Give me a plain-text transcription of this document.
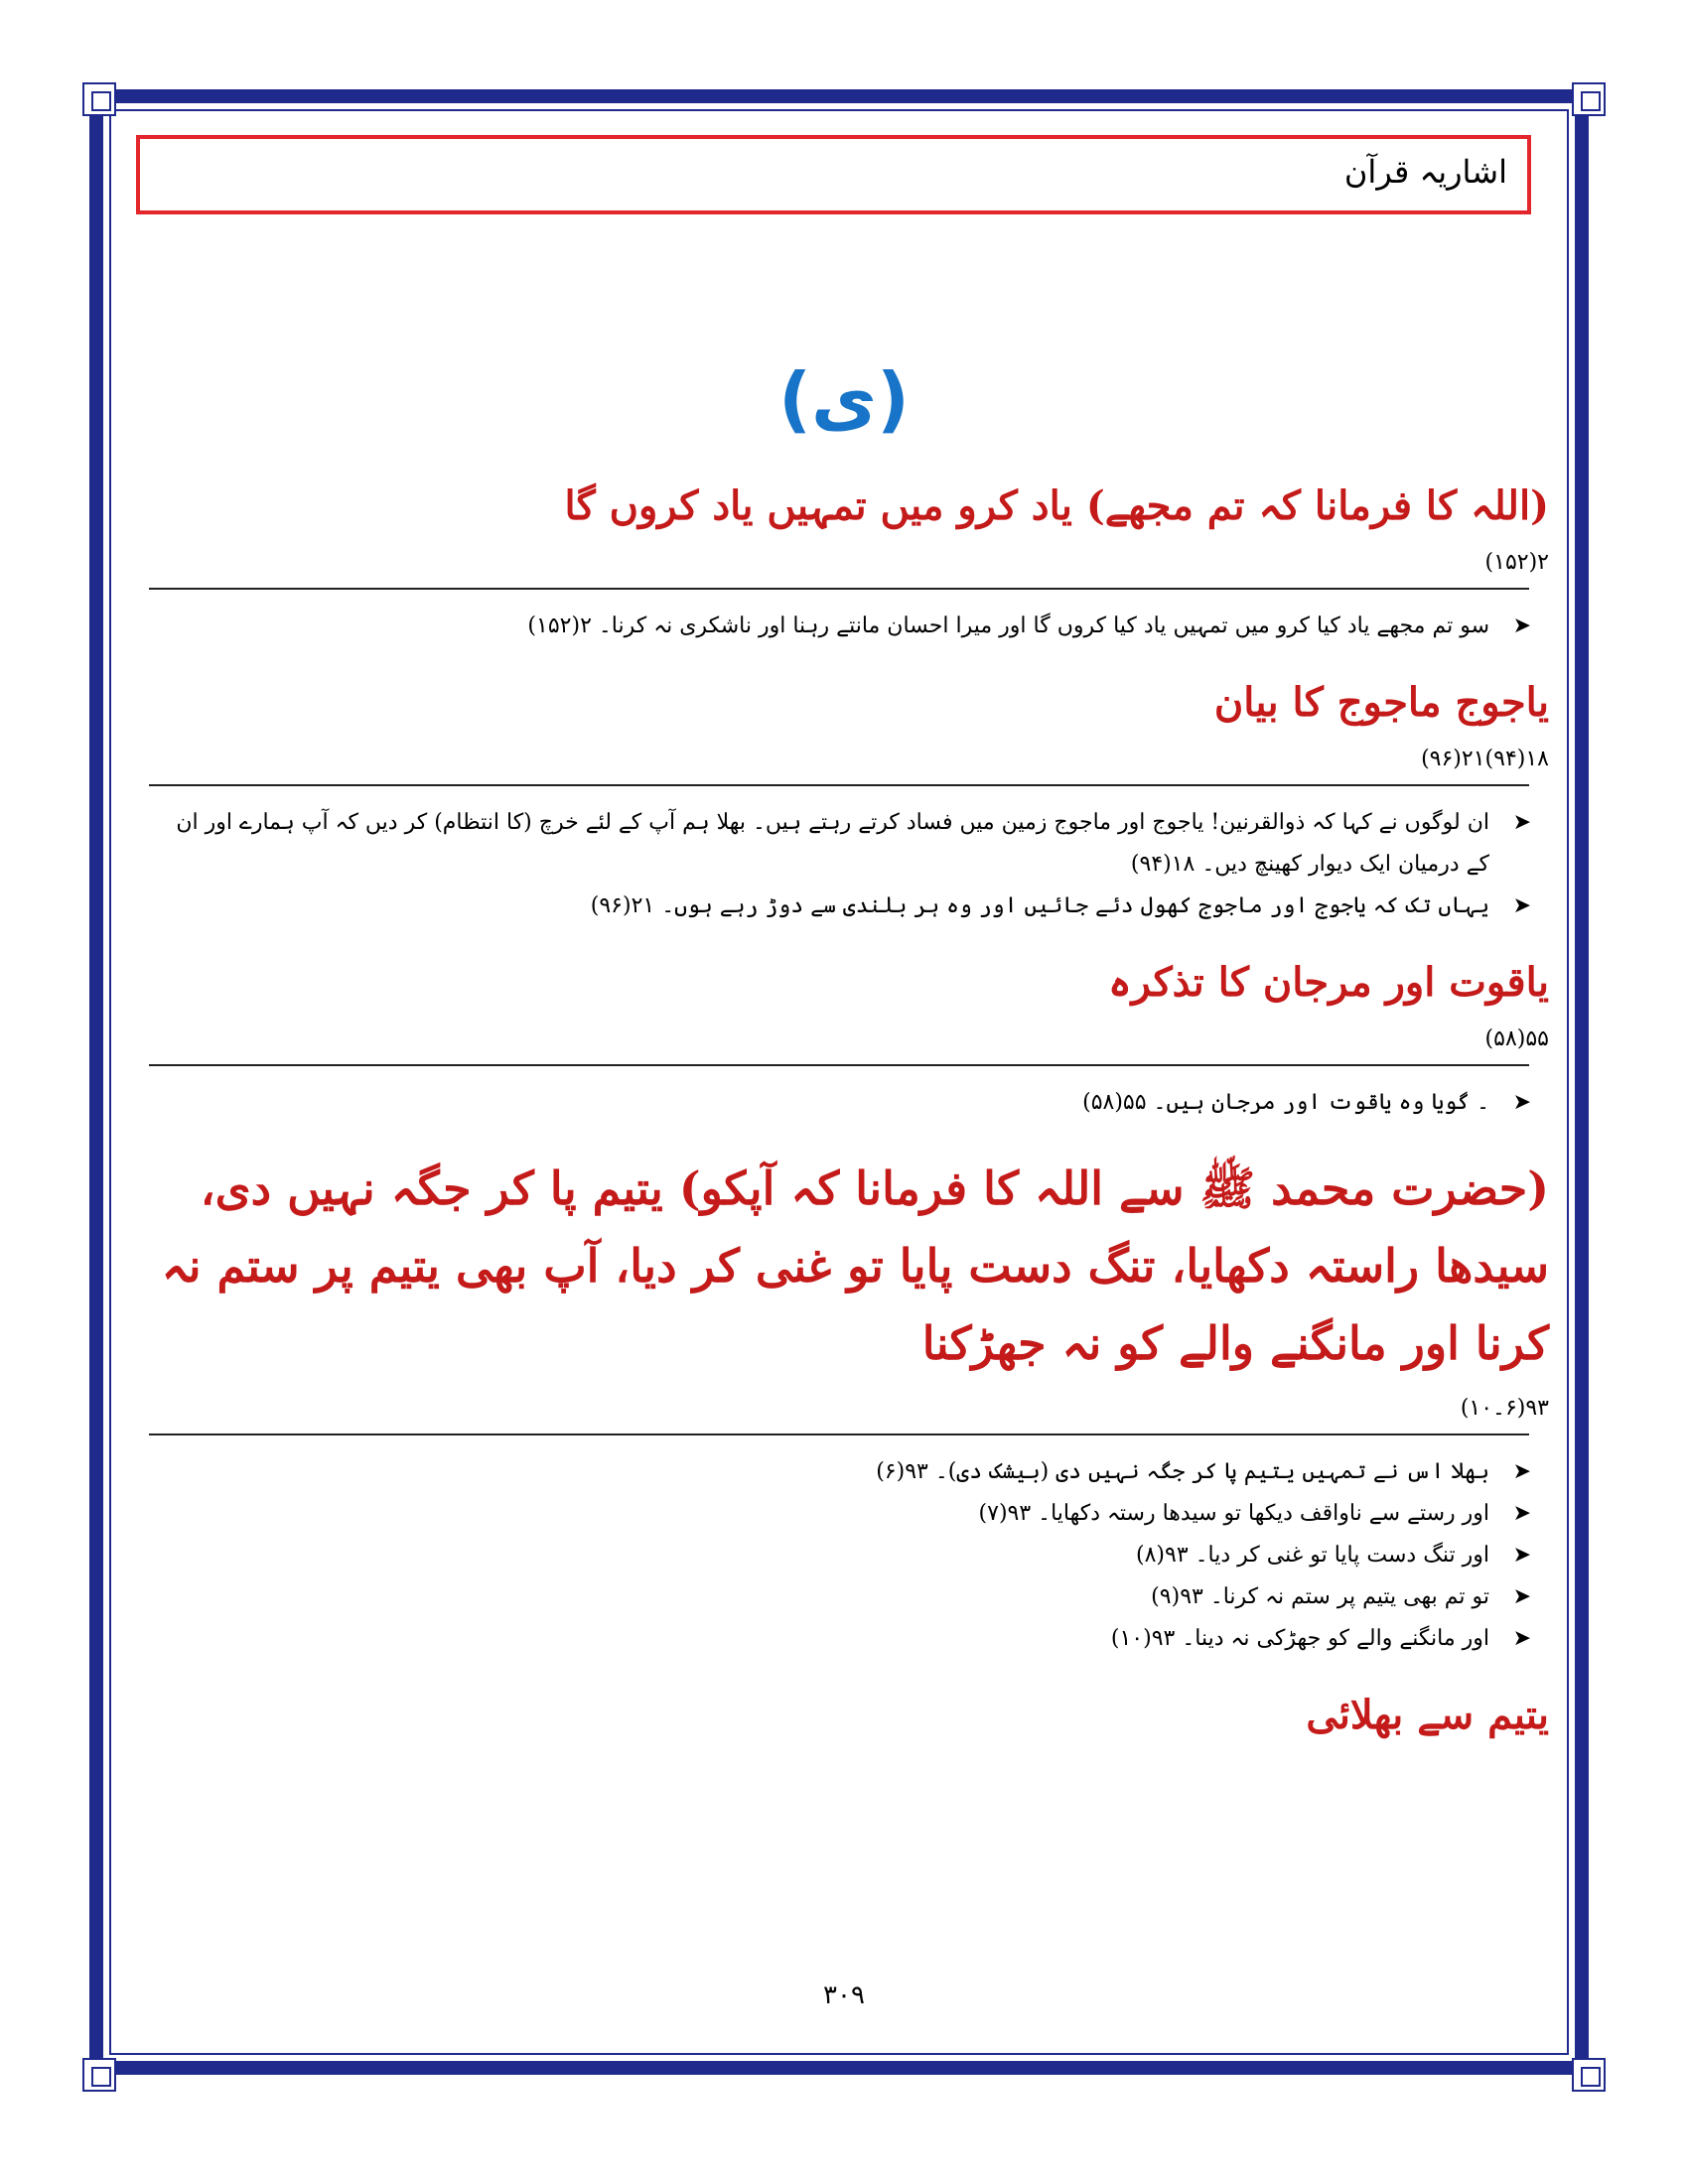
اشاریہ قرآن
(ی)
(اللہ کا فرمانا کہ تم مجھے) یاد کرو میں تمہیں یاد کروں گا
۲(۱۵۲)
➤
سو تم مجھے یاد کیا کرو میں تمہیں یاد کیا کروں گا اور میرا احسان مانتے رہنا اور ناشکری نہ کرنا۔ ۲(۱۵۲)
یاجوج ماجوج کا بیان
۱۸(۹۴)۲۱(۹۶)
➤
ان لوگوں نے کہا کہ ذوالقرنین! یاجوج اور ماجوج زمین میں فساد کرتے رہتے ہیں۔ بھلا ہم آپ کے لئے خرچ (کا انتظام) کر دیں کہ آپ ہمارے اور ان کے درمیان ایک دیوار کھینچ دیں۔ ۱۸(۹۴)
➤
یہاں تک کہ یاجوج اور ماجوج کھول دئے جائیں اور وہ ہر بلندی سے دوڑ رہے ہوں۔ ۲۱(۹۶)
یاقوت اور مرجان کا تذکرہ
۵۵(۵۸)
➤
۔ گویا وہ یاقوت اور مرجان ہیں۔ ۵۵(۵۸)
(حضرت محمد ﷺ سے اللہ کا فرمانا کہ آپکو) یتیم پا کر جگہ نہیں دی، سیدھا راستہ دکھایا، تنگ دست پایا تو غنی کر دیا، آپ بھی یتیم پر ستم نہ کرنا اور مانگنے والے کو نہ جھڑکنا
۹۳(۶۔۱۰)
➤
بھلا اس نے تمہیں یتیم پا کر جگہ نہیں دی (بیشک دی)۔ ۹۳(۶)
➤
اور رستے سے ناواقف دیکھا تو سیدھا رستہ دکھایا۔ ۹۳(۷)
➤
اور تنگ دست پایا تو غنی کر دیا۔ ۹۳(۸)
➤
تو تم بھی یتیم پر ستم نہ کرنا۔ ۹۳(۹)
➤
اور مانگنے والے کو جھڑکی نہ دینا۔ ۹۳(۱۰)
یتیم سے بھلائی
۳۰۹
